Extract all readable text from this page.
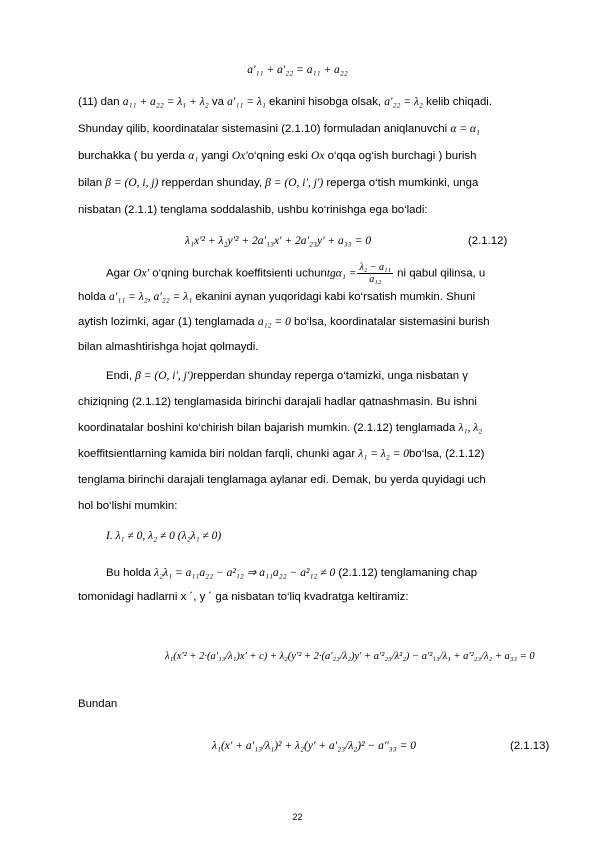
a'₁₁ + a'₂₂ = a₁₁ + a₂₂
(11) dan a₁₁ + a₂₂ = λ₁ + λ₂ va a'₁₁ = λ₁ ekanini hisobga olsak, a'₂₂ = λ₂ kelib chiqadi.
Shunday qilib, koordinatalar sistemasini (2.1.10) formuladan aniqlanuvchi α = α₁
burchakka ( bu yerda α₁ yangi Ox'o‘qning eski Ox o‘qqa og‘ish burchagi ) burish
bilan β = (O, i, j) repperdan shunday, β = (O, i', j') reperga o‘tish mumkinki, unga
nisbatan (2.1.1) tenglama soddalashib, ushbu ko‘rinishga ega bo‘ladi:
λ₁x'² + λ₂y'² + 2a'₁₃x' + 2a'₂₃y' + a₃₃ = 0	(2.1.12)
Agar Ox' o‘qning burchak koeffitsienti uchuntgα₁ = $\frac{\text{λ₂ − a₁₁}}{\text{a₁₂}}$ ni qabul qilinsa, u
holda a'₁₁ = λ₂, a'₂₂ = λ₁ ekanini aynan yuqoridagi kabi ko‘rsatish mumkin. Shuni
aytish lozimki, agar (1) tenglamada a₁₂ = 0 bo‘lsa, koordinatalar sistemasini burish
bilan almashtirishga hojat qolmaydi.
Endi, β = (O, i', j')repperdan shunday reperga o‘tamizki, unga nisbatan γ
chiziqning (2.1.12) tenglamasida birinchi darajali hadlar qatnashmasin. Bu ishni
koordinatalar boshini ko‘chirish bilan bajarish mumkin. (2.1.12) tenglamada λ₁, λ₂
koeffitsientlarning kamida biri noldan farqli, chunki agar λ₁ = λ₂ = 0bo‘lsa, (2.1.12)
tenglama birinchi darajali tenglamaga aylanar edi. Demak, bu yerda quyidagi uch
hol bo‘lishi mumkin:
I. λ₁ ≠ 0, λ₂ ≠ 0 (λ₂λ₁ ≠ 0)
Bu holda λ₂λ₁ = a₁₁a₂₂ − a²₁₂ ⇒ a₁₁a₂₂ − a²₁₂ ≠ 0 (2.1.12) tenglamaning chap
tomonidagi hadlarni x ´, y ´ ga nisbatan to‘liq kvadratga keltiramiz:
λ₁(x'² + 2·(a'₁₃/λ₁)x' + c) + λ₂(y'² + 2·(a'₂₃/λ₂)y' + a'²₂₃/λ²₂) − a'²₁₃/λ₁ + a'²₂₃/λ₂ + a₃₃ = 0
Bundan
λ₁(x' + a'₁₃/λ₁)² + λ₂(y' + a'₂₃/λ₂)² − a''₃₃ = 0	(2.1.13)
22
